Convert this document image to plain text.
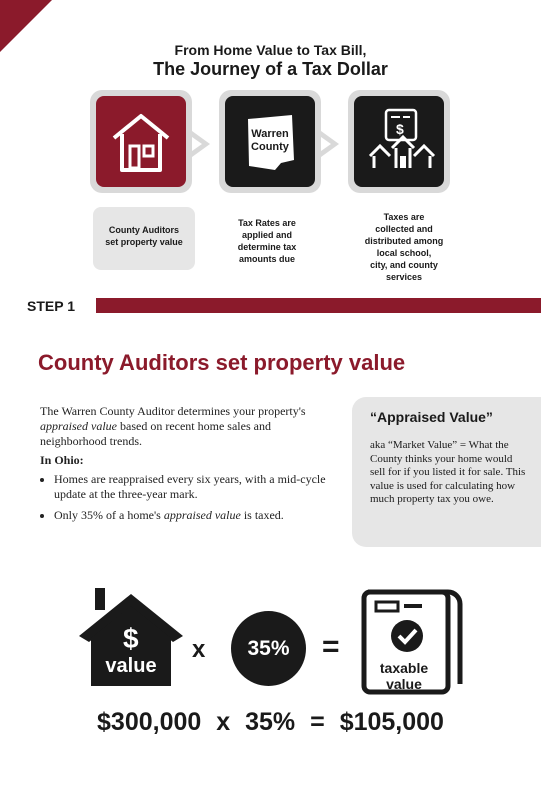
From Home Value to Tax Bill,
The Journey of a Tax Dollar
Warren
County
$
County Auditors
set property value
Tax Rates are
applied and
determine tax
amounts due
Taxes are
collected and
distributed among
local school,
city, and county
services
STEP 1
County Auditors set property value

The Warren County Auditor determines your property's appraised value based on recent home sales and neighborhood trends.

In Ohio:

• Homes are reappraised every six years, with a mid-cycle update at the three-year mark.
• Only 35% of a home's appraised value is taxed.
“Appraised Value”
aka “Market Value” = What the County thinks your home would sell for if you listed it for sale. This value is used for calculating how much property tax you owe.
$
value
x 35% =
taxable
value
$300,000 x 35% = $105,000
